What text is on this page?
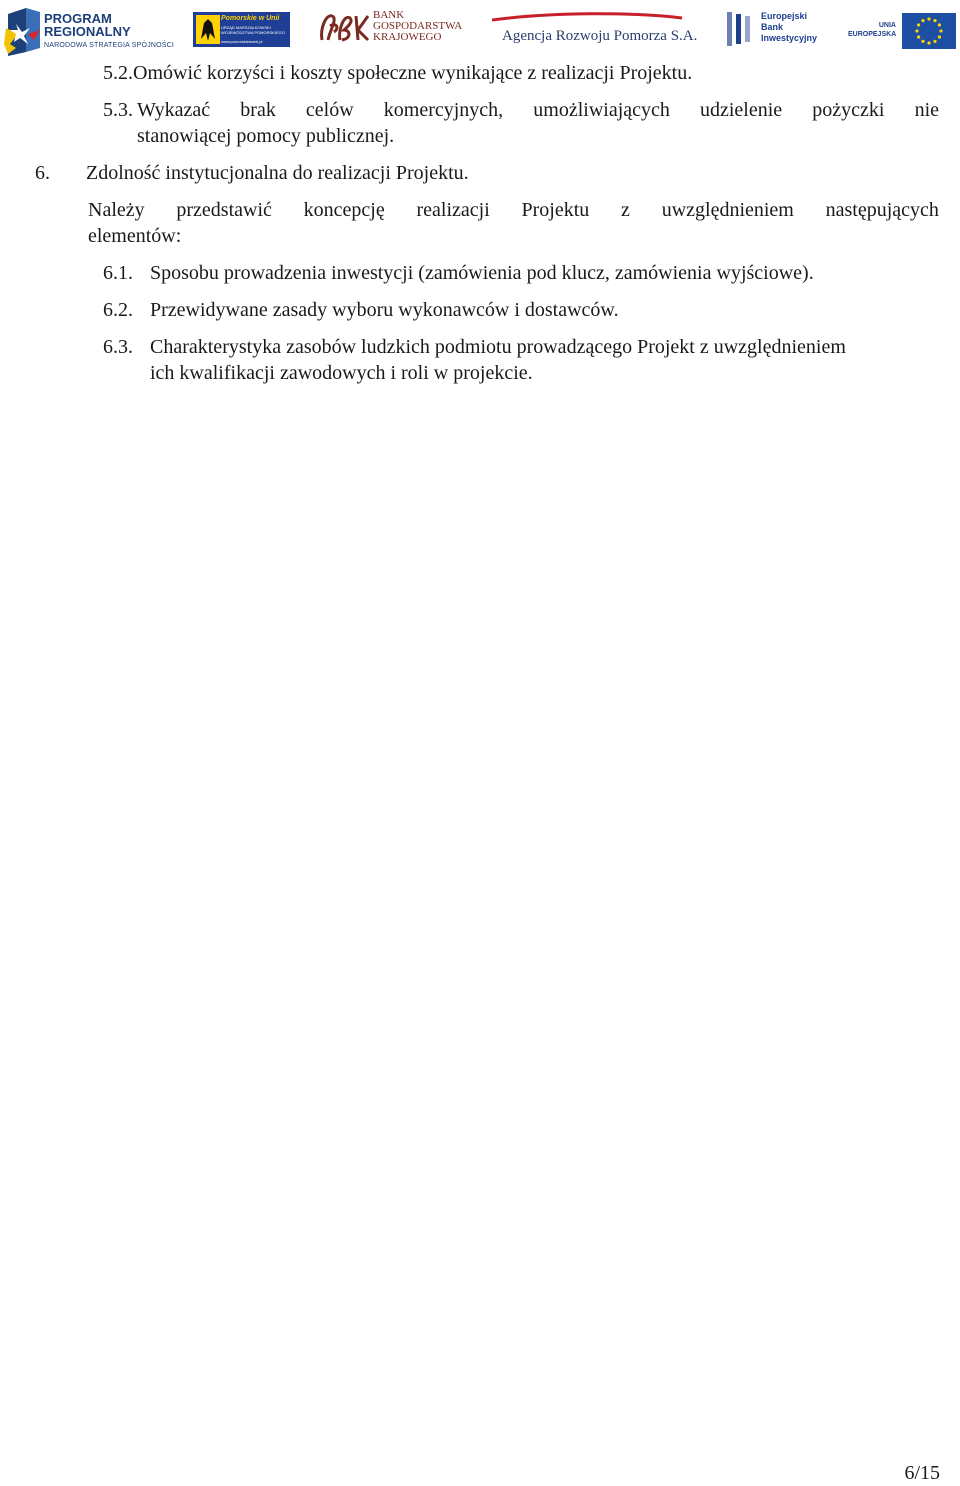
PROGRAM
REGIONALNY
NARODOWA STRATEGIA SPÓJNOŚCI
Pomorskie w Unii
URZĄD MARSZAŁKOWSKI
WOJEWÓDZTWA POMORSKIEGO
www.pomorskiewunii.pl
BANK
GOSPODARSTWA
KRAJOWEGO	Agencja Rozwoju Pomorza S.A.
Europejski
Bank
Inwestycyjny
UNIA
EUROPEJSKA
5.2.Omówić korzyści i koszty społeczne wynikające z realizacji Projektu.
5.3. Wykazać brak celów komercyjnych, umożliwiających udzielenie pożyczki nie
stanowiącej pomocy publicznej.
6. Zdolność instytucjonalna do realizacji Projektu.
Należy przedstawić koncepcję realizacji Projektu z uwzględnieniem następujących
elementów:
6.1. Sposobu prowadzenia inwestycji (zamówienia pod klucz, zamówienia wyjściowe).
6.2. Przewidywane zasady wyboru wykonawców i dostawców.
6.3. Charakterystyka zasobów ludzkich podmiotu prowadzącego Projekt z uwzględnieniem
ich kwalifikacji zawodowych i roli w projekcie.
6/15
